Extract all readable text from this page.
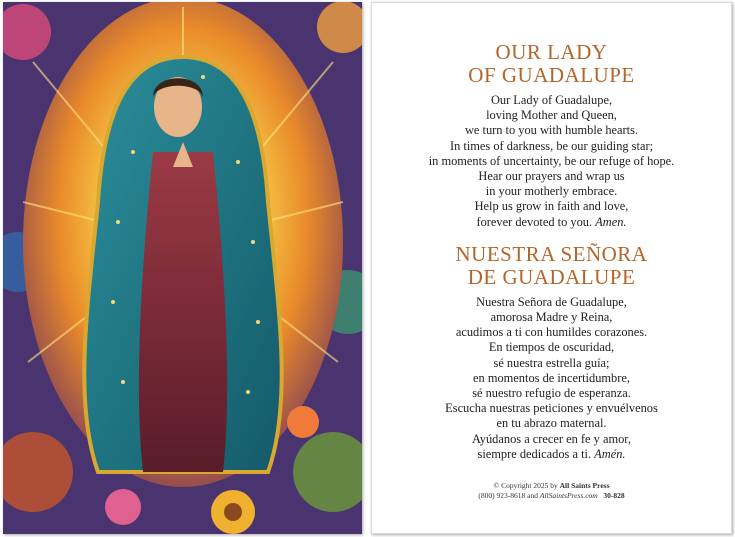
OUR LADY
OF GUADALUPE

Our Lady of Guadalupe,

loving Mother and Queen,

we turn to you with humble hearts.

In times of darkness, be our guiding star;

in moments of uncertainty, be our refuge of hope.

Hear our prayers and wrap us

in your motherly embrace.

Help us grow in faith and love,

forever devoted to you. Amen.

NUESTRA SEÑORA
DE GUADALUPE

Nuestra Señora de Guadalupe,

amorosa Madre y Reina,

acudimos a ti con humildes corazones.

En tiempos de oscuridad,

sé nuestra estrella guía;

en momentos de incertidumbre,

sé nuestro refugio de esperanza.

Escucha nuestras peticiones y envuélvenos

en tu abrazo maternal.

Ayúdanos a crecer en fe y amor,

siempre dedicados a ti. Amén.

© Copyright 2025 by All Saints Press
(800) 923-8618 and AllSaintsPress.com 30-828
